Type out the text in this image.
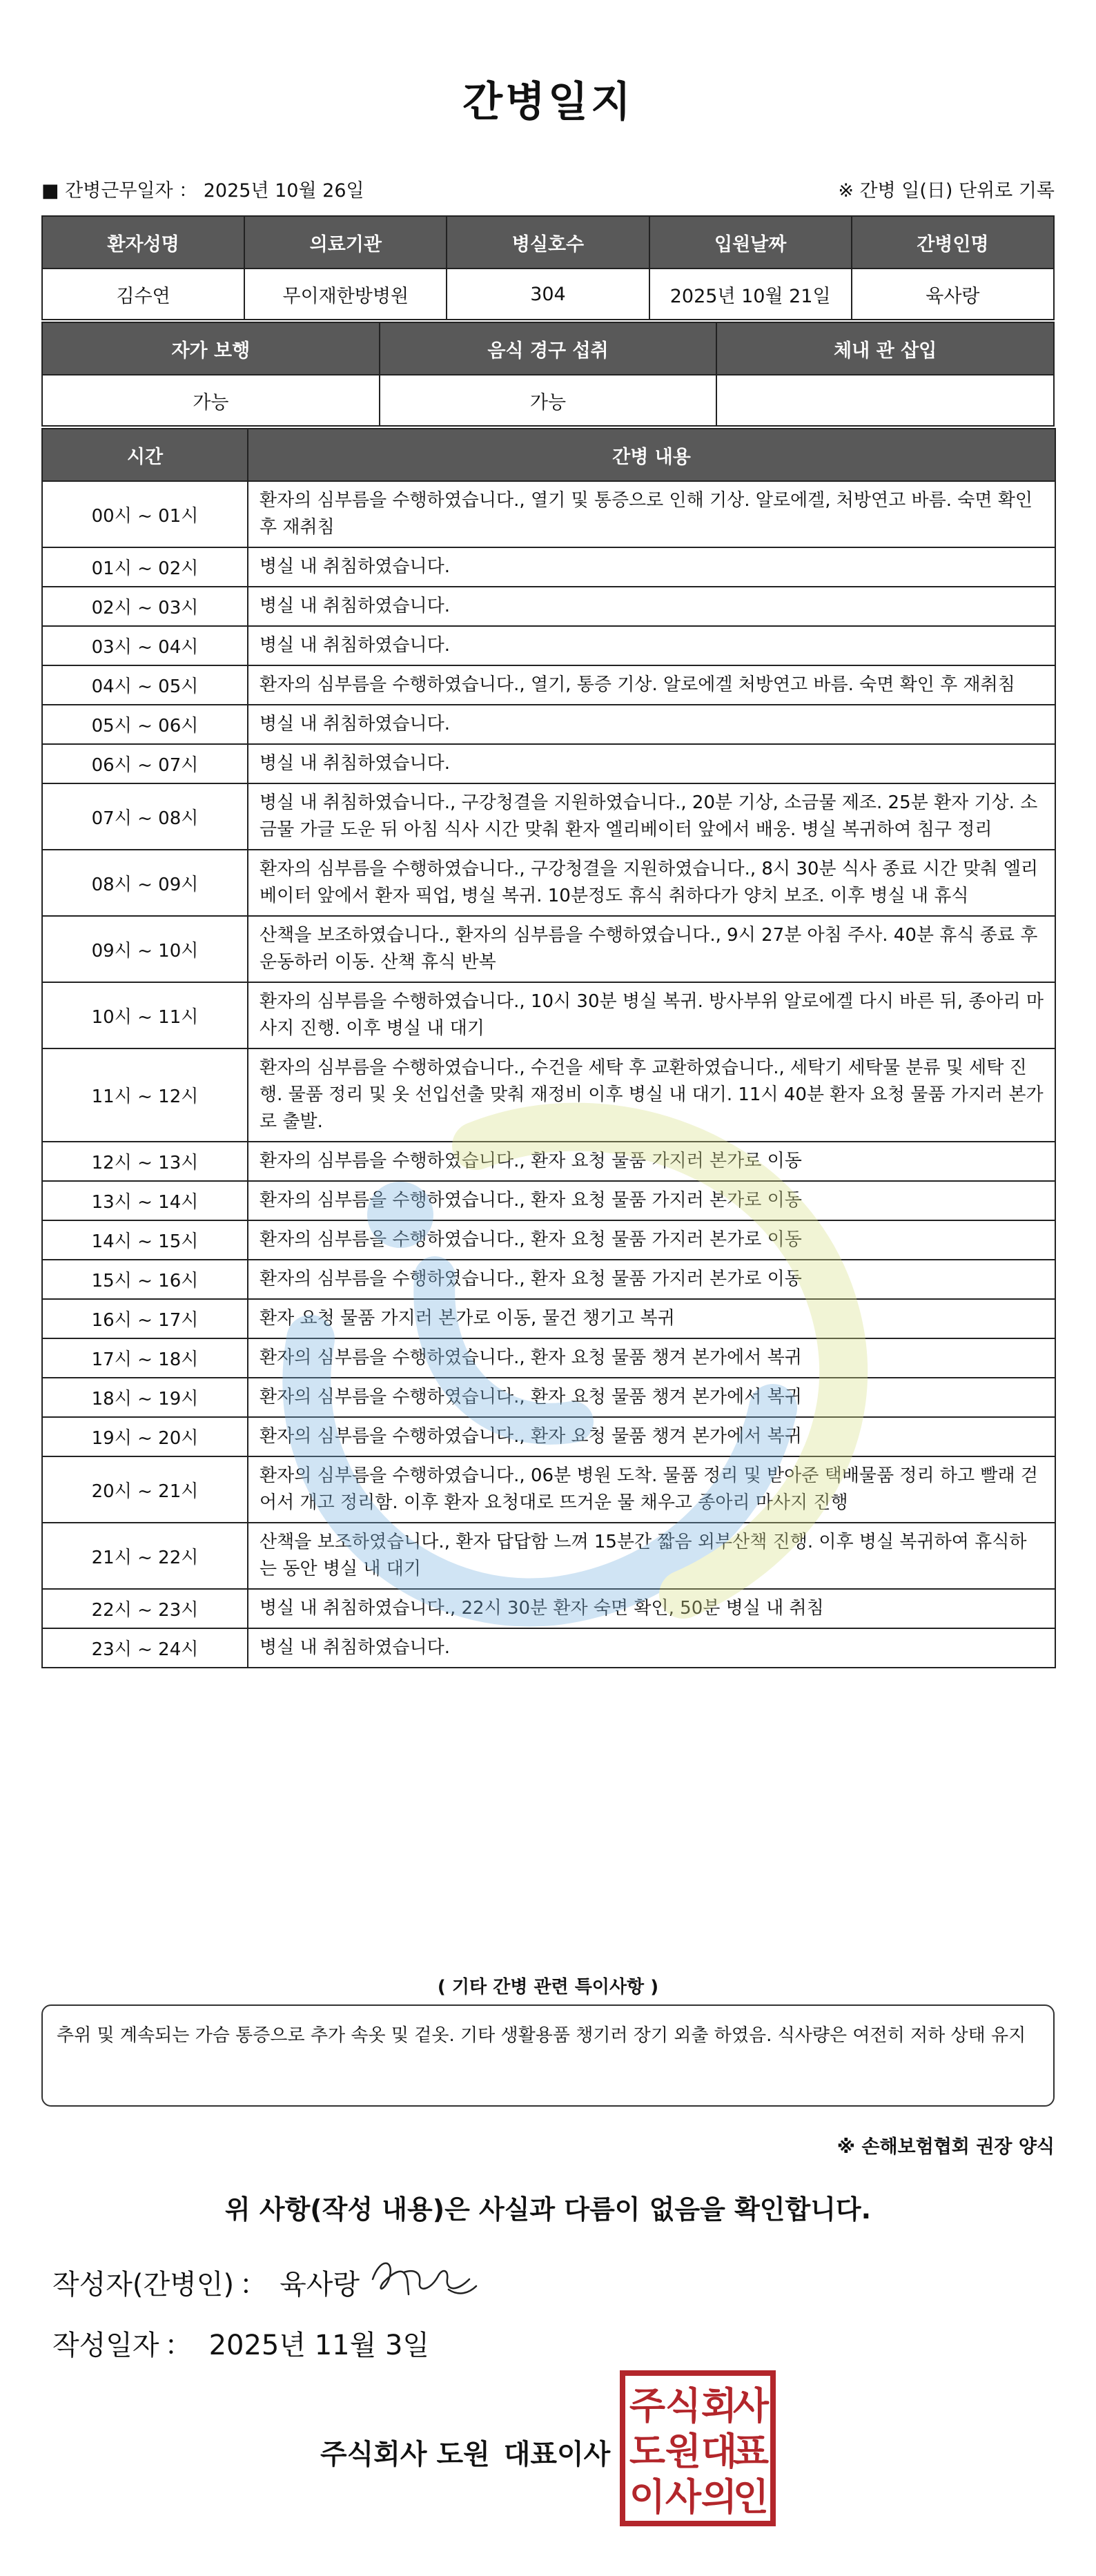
간병일지
■ 간병근무일자 ： 2025년 10월 26일	※ 간병 일(日) 단위로 기록
환자성명	의료기관	병실호수	입원날짜	간병인명
김수연	무이재한방병원	304	2025년 10월 21일	육사랑
자가 보행	음식 경구 섭취	체내 관 삽입
가능	가능	
시간	간병 내용
00시 ~ 01시	환자의 심부름을 수행하였습니다., 열기 및 통증으로 인해 기상. 알로에겔, 처방연고 바름. 숙면 확인 후 재취침
01시 ~ 02시	병실 내 취침하였습니다.
02시 ~ 03시	병실 내 취침하였습니다.
03시 ~ 04시	병실 내 취침하였습니다.
04시 ~ 05시	환자의 심부름을 수행하였습니다., 열기, 통증 기상. 알로에겔 처방연고 바름. 숙면 확인 후 재취침
05시 ~ 06시	병실 내 취침하였습니다.
06시 ~ 07시	병실 내 취침하였습니다.
07시 ~ 08시	병실 내 취침하였습니다., 구강청결을 지원하였습니다., 20분 기상, 소금물 제조. 25분 환자 기상. 소금물 가글 도운 뒤 아침 식사 시간 맞춰 환자 엘리베이터 앞에서 배웅. 병실 복귀하여 침구 정리
08시 ~ 09시	환자의 심부름을 수행하였습니다., 구강청결을 지원하였습니다., 8시 30분 식사 종료 시간 맞춰 엘리베이터 앞에서 환자 픽업, 병실 복귀. 10분정도 휴식 취하다가 양치 보조. 이후 병실 내 휴식
09시 ~ 10시	산책을 보조하였습니다., 환자의 심부름을 수행하였습니다., 9시 27분 아침 주사. 40분 휴식 종료 후 운동하러 이동. 산책 휴식 반복
10시 ~ 11시	환자의 심부름을 수행하였습니다., 10시 30분 병실 복귀. 방사부위 알로에겔 다시 바른 뒤, 종아리 마사지 진행. 이후 병실 내 대기
11시 ~ 12시	환자의 심부름을 수행하였습니다., 수건을 세탁 후 교환하였습니다., 세탁기 세탁물 분류 및 세탁 진행. 물품 정리 및 옷 선입선출 맞춰 재정비 이후 병실 내 대기. 11시 40분 환자 요청 물품 가지러 본가로 출발.
12시 ~ 13시	환자의 심부름을 수행하였습니다., 환자 요청 물품 가지러 본가로 이동
13시 ~ 14시	환자의 심부름을 수행하였습니다., 환자 요청 물품 가지러 본가로 이동
14시 ~ 15시	환자의 심부름을 수행하였습니다., 환자 요청 물품 가지러 본가로 이동
15시 ~ 16시	환자의 심부름을 수행하였습니다., 환자 요청 물품 가지러 본가로 이동
16시 ~ 17시	환자 요청 물품 가지러 본가로 이동, 물건 챙기고 복귀
17시 ~ 18시	환자의 심부름을 수행하였습니다., 환자 요청 물품 챙겨 본가에서 복귀
18시 ~ 19시	환자의 심부름을 수행하였습니다., 환자 요청 물품 챙겨 본가에서 복귀
19시 ~ 20시	환자의 심부름을 수행하였습니다., 환자 요청 물품 챙겨 본가에서 복귀
20시 ~ 21시	환자의 심부름을 수행하였습니다., 06분 병원 도착. 물품 정리 및 받아준 택배물품 정리 하고 빨래 걷어서 개고 정리함. 이후 환자 요청대로 뜨거운 물 채우고 종아리 마사지 진행
21시 ~ 22시	산책을 보조하였습니다., 환자 답답함 느껴 15분간 짧음 외부산책 진행. 이후 병실 복귀하여 휴식하는 동안 병실 내 대기
22시 ~ 23시	병실 내 취침하였습니다., 22시 30분 환자 숙면 확인, 50분 병실 내 취침
23시 ~ 24시	병실 내 취침하였습니다.
( 기타 간병 관련 특이사항 )
추위 및 계속되는 가슴 통증으로 추가 속옷 및 겉옷. 기타 생활용품 챙기러 장기 외출 하였음. 식사량은 여전히 저하 상태 유지
※ 손해보험협회 권장 양식
위 사항(작성 내용)은 사실과 다름이 없음을 확인합니다.
작성자(간병인) ： 육사랑
작성일자 ： 2025년 11월 3일
주식회사 도원 대표이사
주 식 회
사
도 원 대
표
이 사 의
인
